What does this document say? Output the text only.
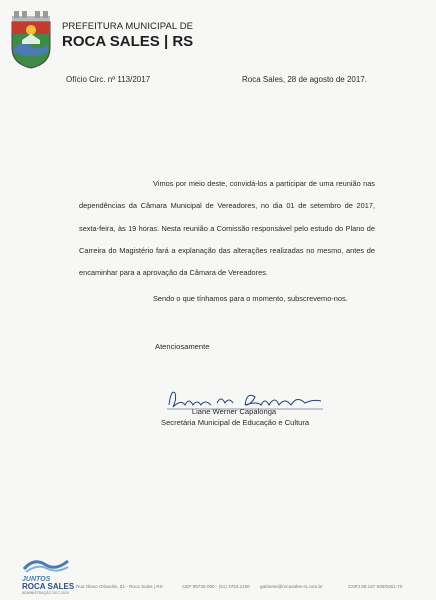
PREFEITURA MUNICIPAL DE
ROCA SALES | RS
Ofício Circ. nº 113/2017	Roca Sales, 28 de agosto de 2017.

Vimos por meio deste, convidá-los a participar de uma reunião nas dependências da Câmara Municipal de Vereadores, no dia 01 de setembro de 2017, sexta-feira, às 19 horas. Nesta reunião a Comissão responsável pelo estudo do Plano de Carreira do Magistério fará a explanação das alterações realizadas no mesmo, antes de encaminhar para a aprovação da Câmara de Vereadores.

Sendo o que tínhamos para o momento, subscrevemo-nos.

Atenciosamente
Liane Werner Capalonga
Secretária Municipal de Educação e Cultura
JUNTOS
ROCA SALES
ADMINISTRAÇÃO 2017-2020
Rua Olavo Orlandini, 51 - Roca Sales | RS	CEP 95735-000 · (51) 3753.2100 gabinete@rocasales-rs.com.br	CNPJ 88.187.935/0001-70
